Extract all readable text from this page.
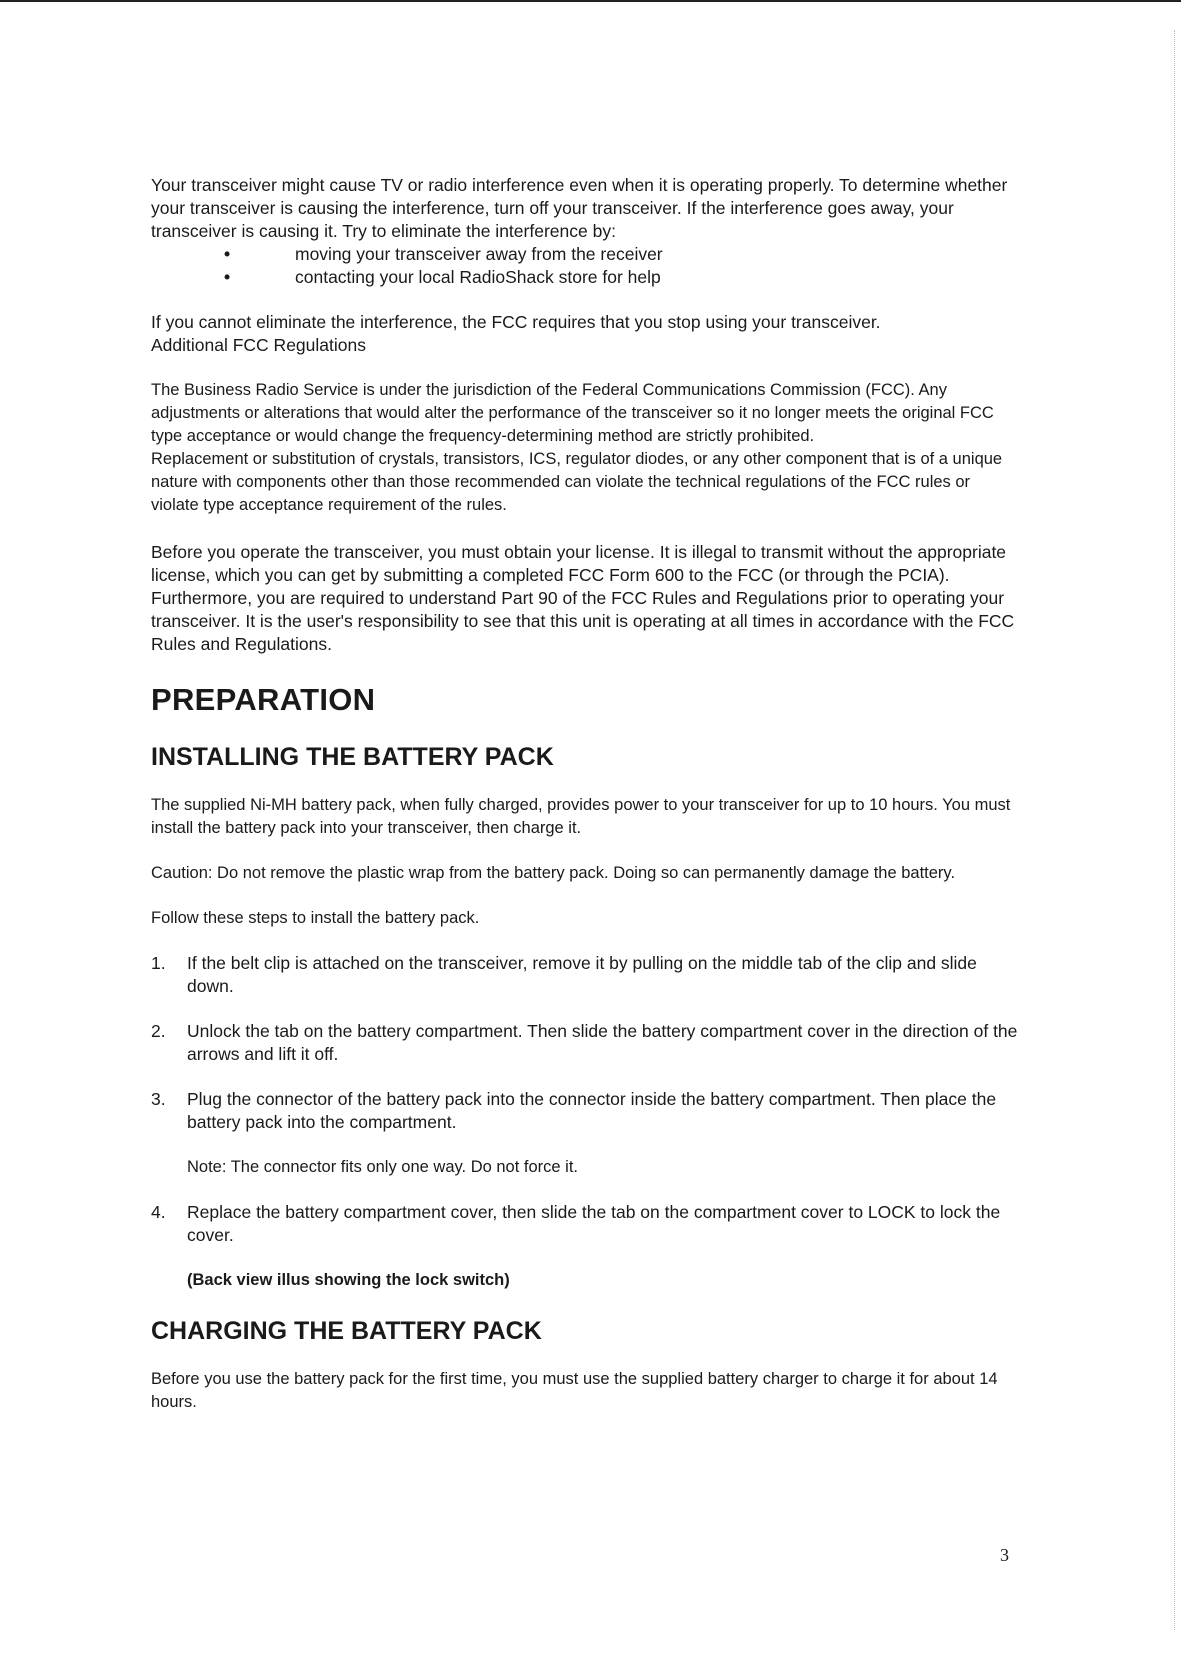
Your transceiver might cause TV or radio interference even when it is operating properly. To determine whether your transceiver is causing the interference, turn off your transceiver. If the interference goes away, your transceiver is causing it. Try to eliminate the interference by:

•	moving your transceiver away from the receiver
•	contacting your local RadioShack store for help

If you cannot eliminate the interference, the FCC requires that you stop using your transceiver.

Additional FCC Regulations

The Business Radio Service is under the jurisdiction of the Federal Communications Commission (FCC). Any adjustments or alterations that would alter the performance of the transceiver so it no longer meets the original FCC type acceptance or would change the frequency-determining method are strictly prohibited.

Replacement or substitution of crystals, transistors, ICS, regulator diodes, or any other component that is of a unique nature with components other than those recommended can violate the technical regulations of the FCC rules or violate type acceptance requirement of the rules.

Before you operate the transceiver, you must obtain your license. It is illegal to transmit without the appropriate license, which you can get by submitting a completed FCC Form 600 to the FCC (or through the PCIA). Furthermore, you are required to understand Part 90 of the FCC Rules and Regulations prior to operating your transceiver. It is the user's responsibility to see that this unit is operating at all times in accordance with the FCC Rules and Regulations.

PREPARATION
INSTALLING THE BATTERY PACK

The supplied Ni-MH battery pack, when fully charged, provides power to your transceiver for up to 10 hours. You must install the battery pack into your transceiver, then charge it.

Caution: Do not remove the plastic wrap from the battery pack. Doing so can permanently damage the battery.

Follow these steps to install the battery pack.

1. If the belt clip is attached on the transceiver, remove it by pulling on the middle tab of the clip and slide down.
2. Unlock the tab on the battery compartment. Then slide the battery compartment cover in the direction of the arrows and lift it off.
3. Plug the connector of the battery pack into the connector inside the battery compartment. Then place the battery pack into the compartment.

Note: The connector fits only one way. Do not force it.

4. Replace the battery compartment cover, then slide the tab on the compartment cover to LOCK to lock the cover.

(Back view illus showing the lock switch)

CHARGING THE BATTERY PACK

Before you use the battery pack for the first time, you must use the supplied battery charger to charge it for about 14 hours.

3
